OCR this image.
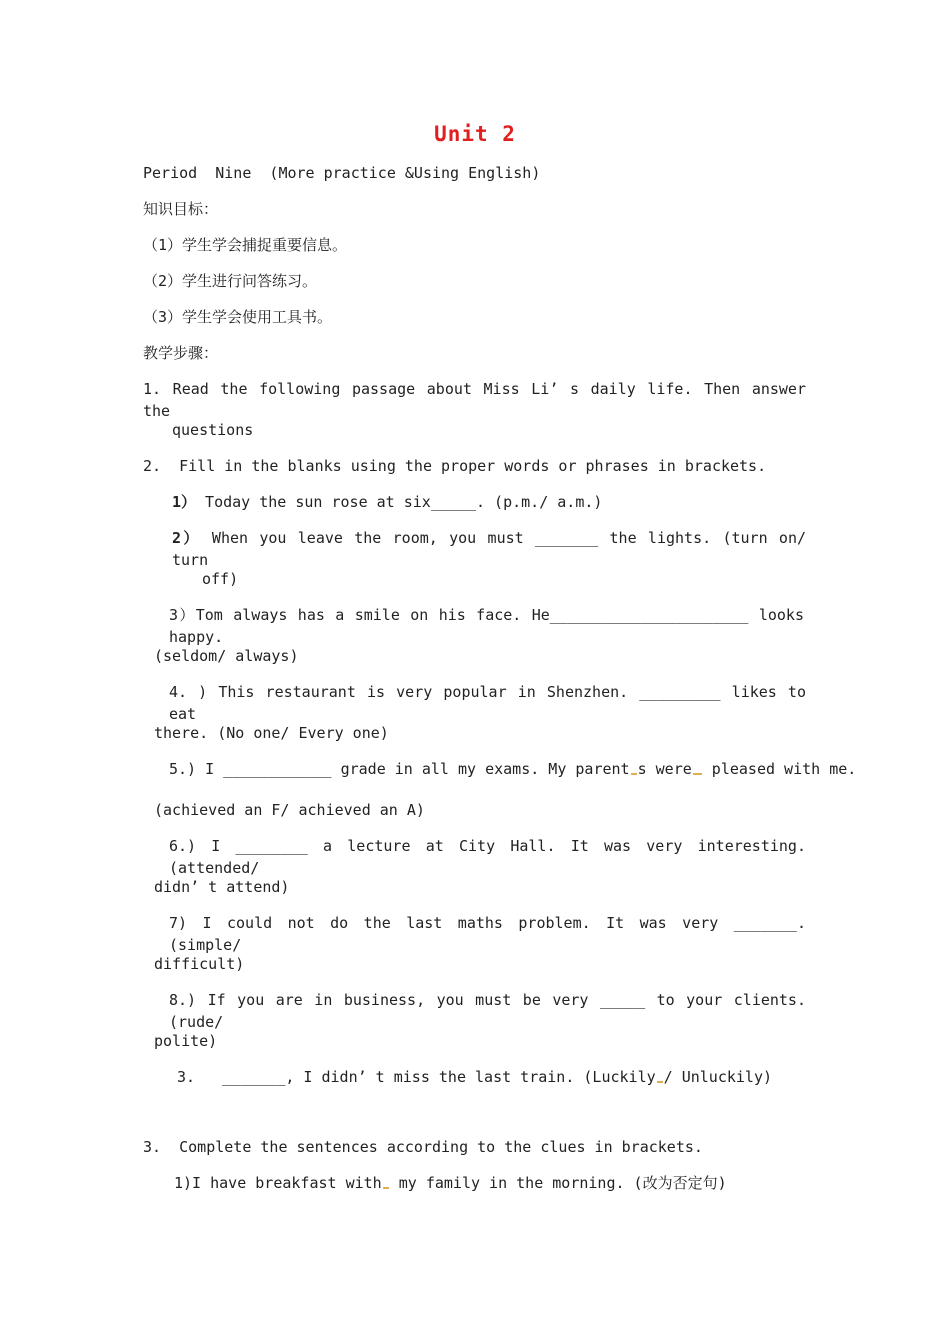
Unit 2
Period  Nine  (More practice &Using English)
知识目标：
（1）学生学会捕捉重要信息。
（2）学生进行问答练习。
（3）学生学会使用工具书。
教学步骤：
1. Read the following passage about Miss Li’ s daily life. Then answer the
questions
2.  Fill in the blanks using the proper words or phrases in brackets.
1） Today the sun rose at six_____. (p.m./ a.m.)
2） When you leave the room, you must _______ the lights. (turn on/ turn
off)
3）Tom always has a smile on his face. He______________________ looks happy.
(seldom/ always)
4. ) This restaurant is very popular in Shenzhen. _________ likes to eat
there. (No one/ Every one)
5.) I ____________ grade in all my exams. My parent s were pleased with me.
(achieved an F/ achieved an A)
6.) I ________ a lecture at City Hall. It was very interesting. (attended/
didn’ t attend)
7) I could not do the last maths problem. It was very _______. (simple/
difficult)
8.) If you are in business, you must be very _____ to your clients. (rude/
polite)
3.   _______, I didn’ t miss the last train. (Luckily / Unluckily)
3.  Complete the sentences according to the clues in brackets.
1)I have breakfast with my family in the morning. (改为否定句)
